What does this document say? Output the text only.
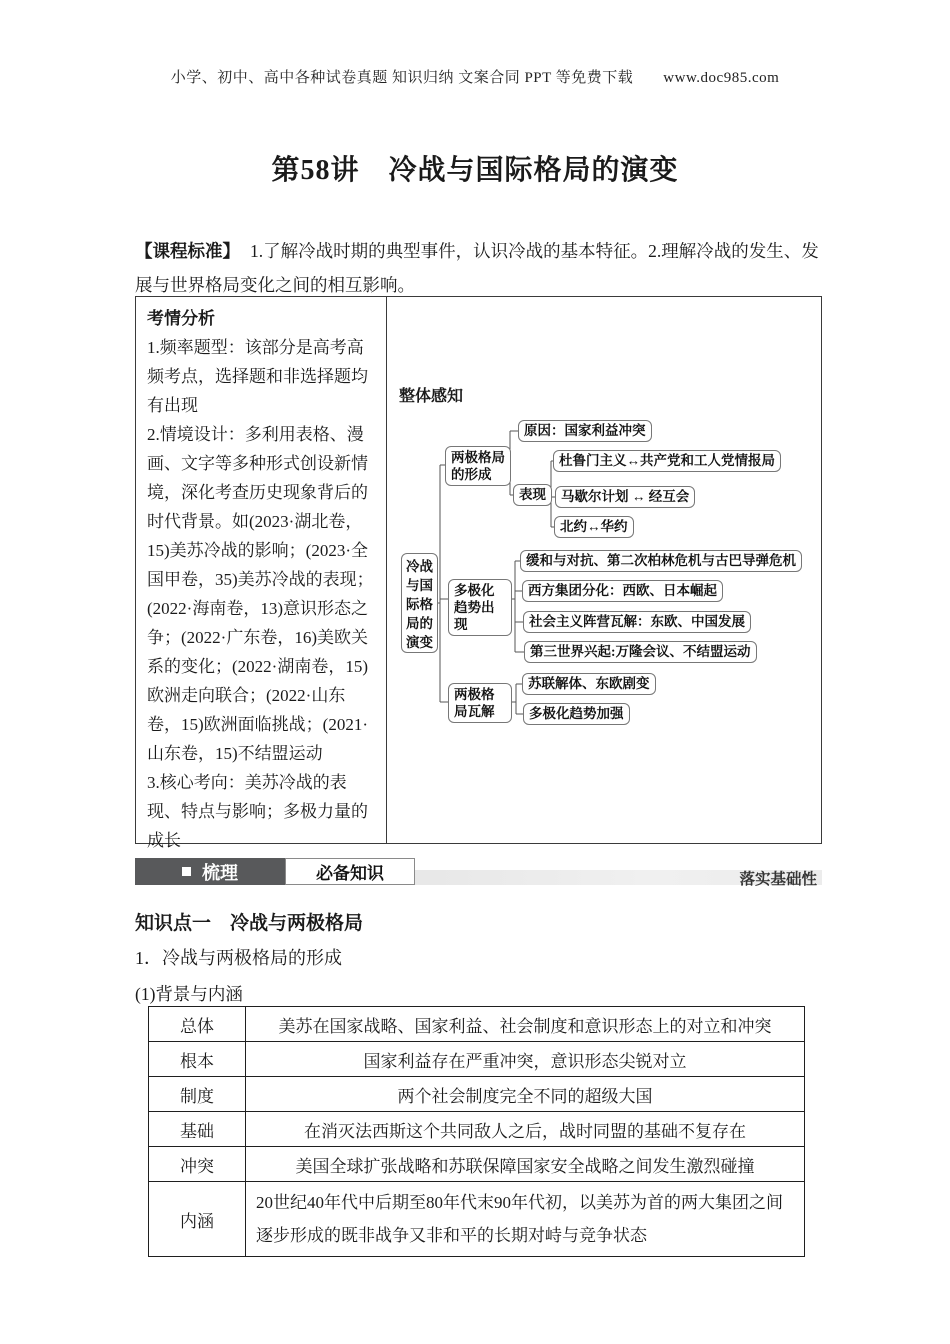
小学、初中、高中各种试卷真题 知识归纳 文案合同 PPT 等免费下载 www.doc985.com
第58讲　冷战与国际格局的演变

【课程标准】 1.了解冷战时期的典型事件，认识冷战的基本特征。2.理解冷战的发生、发展与世界格局变化之间的相互影响。

考情分析

1.频率题型：该部分是高考高频考点，选择题和非选择题均有出现

2.情境设计：多利用表格、漫画、文字等多种形式创设新情境，深化考查历史现象背后的时代背景。如(2023·湖北卷，15)美苏冷战的影响；(2023·全国甲卷，35)美苏冷战的表现；(2022·海南卷，13)意识形态之争；(2022·广东卷，16)美欧关系的变化；(2022·湖南卷，15)欧洲走向联合；(2022·山东卷，15)欧洲面临挑战；(2021·山东卷，15)不结盟运动

3.核心考向：美苏冷战的表现、特点与影响；多极力量的成长

整体感知
冷战与国际格局的演变
两极格局的形成
原因：国家利益冲突
表现
杜鲁门主义↔共产党和工人党情报局
马歇尔计划 ↔ 经互会
北约↔华约
多极化趋势出现
缓和与对抗、第二次柏林危机与古巴导弹危机
西方集团分化：西欧、日本崛起
社会主义阵营瓦解：东欧、中国发展
第三世界兴起:万隆会议、不结盟运动
两极格局瓦解
苏联解体、东欧剧变
多极化趋势加强
梳理	必备知识	落实基础性
知识点一　冷战与两极格局

1．冷战与两极格局的形成

(1)背景与内涵

总体	美苏在国家战略、国家利益、社会制度和意识形态上的对立和冲突
根本	国家利益存在严重冲突，意识形态尖锐对立
制度	两个社会制度完全不同的超级大国
基础	在消灭法西斯这个共同敌人之后，战时同盟的基础不复存在
冲突	美国全球扩张战略和苏联保障国家安全战略之间发生激烈碰撞
内涵	20世纪40年代中后期至80年代末90年代初，以美苏为首的两大集团之间逐步形成的既非战争又非和平的长期对峙与竞争状态
